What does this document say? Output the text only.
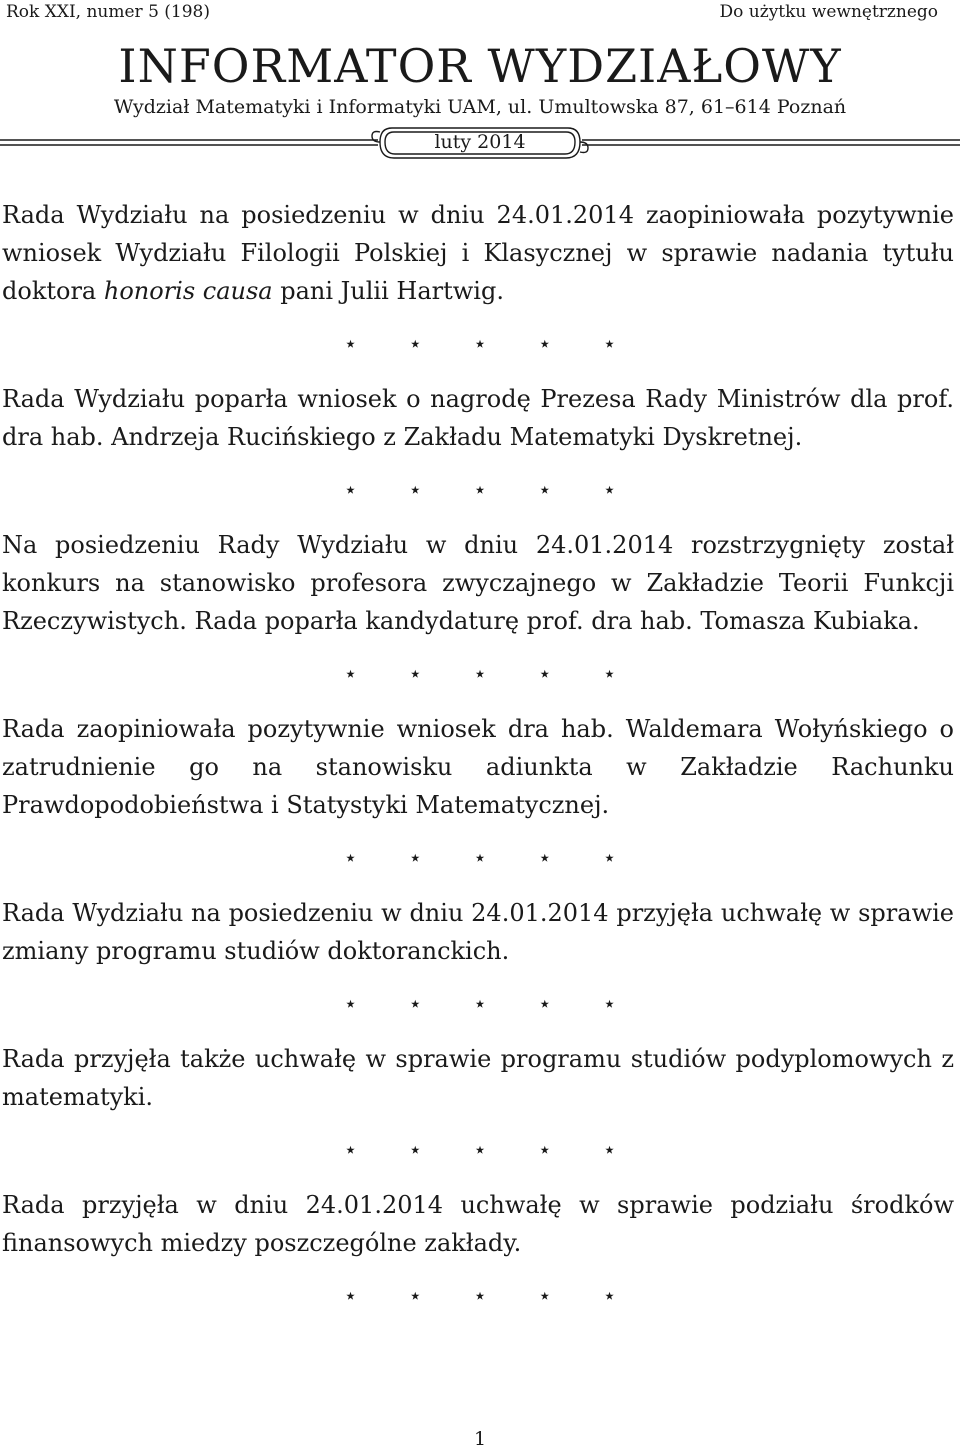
Rok XXI, numer 5 (198)	Do użytku wewnętrznego
INFORMATOR WYDZIAŁOWY
Wydział Matematyki i Informatyki UAM, ul. Umultowska 87, 61–614 Poznań
luty 2014

Rada Wydziału na posiedzeniu w dniu 24.01.2014 zaopiniowała pozytywnie wniosek Wydziału Filologii Polskiej i Klasycznej w sprawie nadania tytułu doktora honoris causa pani Julii Hartwig.

⋆ ⋆ ⋆ ⋆ ⋆

Rada Wydziału poparła wniosek o nagrodę Prezesa Rady Ministrów dla prof. dra hab. Andrzeja Rucińskiego z Zakładu Matematyki Dyskretnej.

⋆ ⋆ ⋆ ⋆ ⋆

Na posiedzeniu Rady Wydziału w dniu 24.01.2014 rozstrzygnięty został konkurs na stanowisko profesora zwyczajnego w Zakładzie Teorii Funkcji Rzeczywistych. Rada poparła kandydaturę prof. dra hab. Tomasza Kubiaka.

⋆ ⋆ ⋆ ⋆ ⋆

Rada zaopiniowała pozytywnie wniosek dra hab. Waldemara Wołyńskiego o zatrudnienie go na stanowisku adiunkta w Zakładzie Rachunku Prawdopodobieństwa i Statystyki Matematycznej.

⋆ ⋆ ⋆ ⋆ ⋆

Rada Wydziału na posiedzeniu w dniu 24.01.2014 przyjęła uchwałę w sprawie zmiany programu studiów doktoranckich.

⋆ ⋆ ⋆ ⋆ ⋆

Rada przyjęła także uchwałę w sprawie programu studiów podyplomowych z matematyki.

⋆ ⋆ ⋆ ⋆ ⋆

Rada przyjęła w dniu 24.01.2014 uchwałę w sprawie podziału środków finansowych miedzy poszczególne zakłady.

⋆ ⋆ ⋆ ⋆ ⋆
1
